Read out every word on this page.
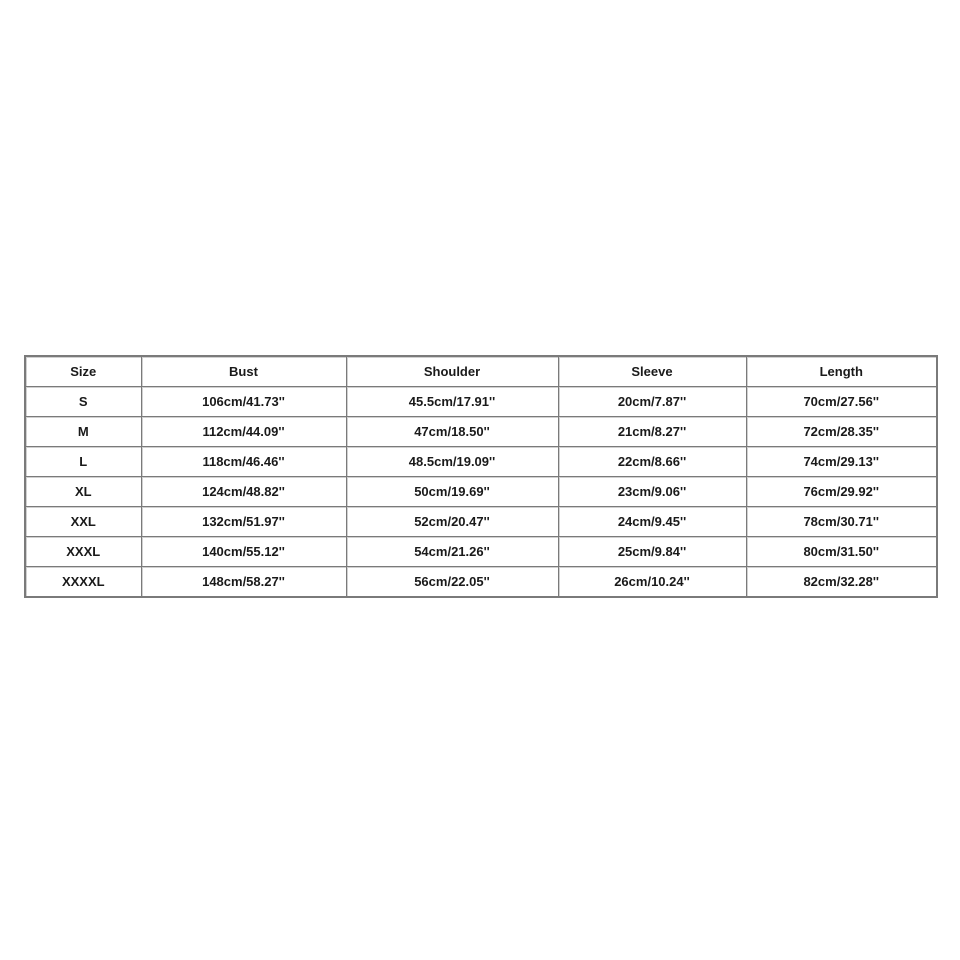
Size	Bust	Shoulder	Sleeve	Length
S	106cm/41.73''	45.5cm/17.91''	20cm/7.87''	70cm/27.56''
M	112cm/44.09''	47cm/18.50''	21cm/8.27''	72cm/28.35''
L	118cm/46.46''	48.5cm/19.09''	22cm/8.66''	74cm/29.13''
XL	124cm/48.82''	50cm/19.69''	23cm/9.06''	76cm/29.92''
XXL	132cm/51.97''	52cm/20.47''	24cm/9.45''	78cm/30.71''
XXXL	140cm/55.12''	54cm/21.26''	25cm/9.84''	80cm/31.50''
XXXXL	148cm/58.27''	56cm/22.05''	26cm/10.24''	82cm/32.28''
